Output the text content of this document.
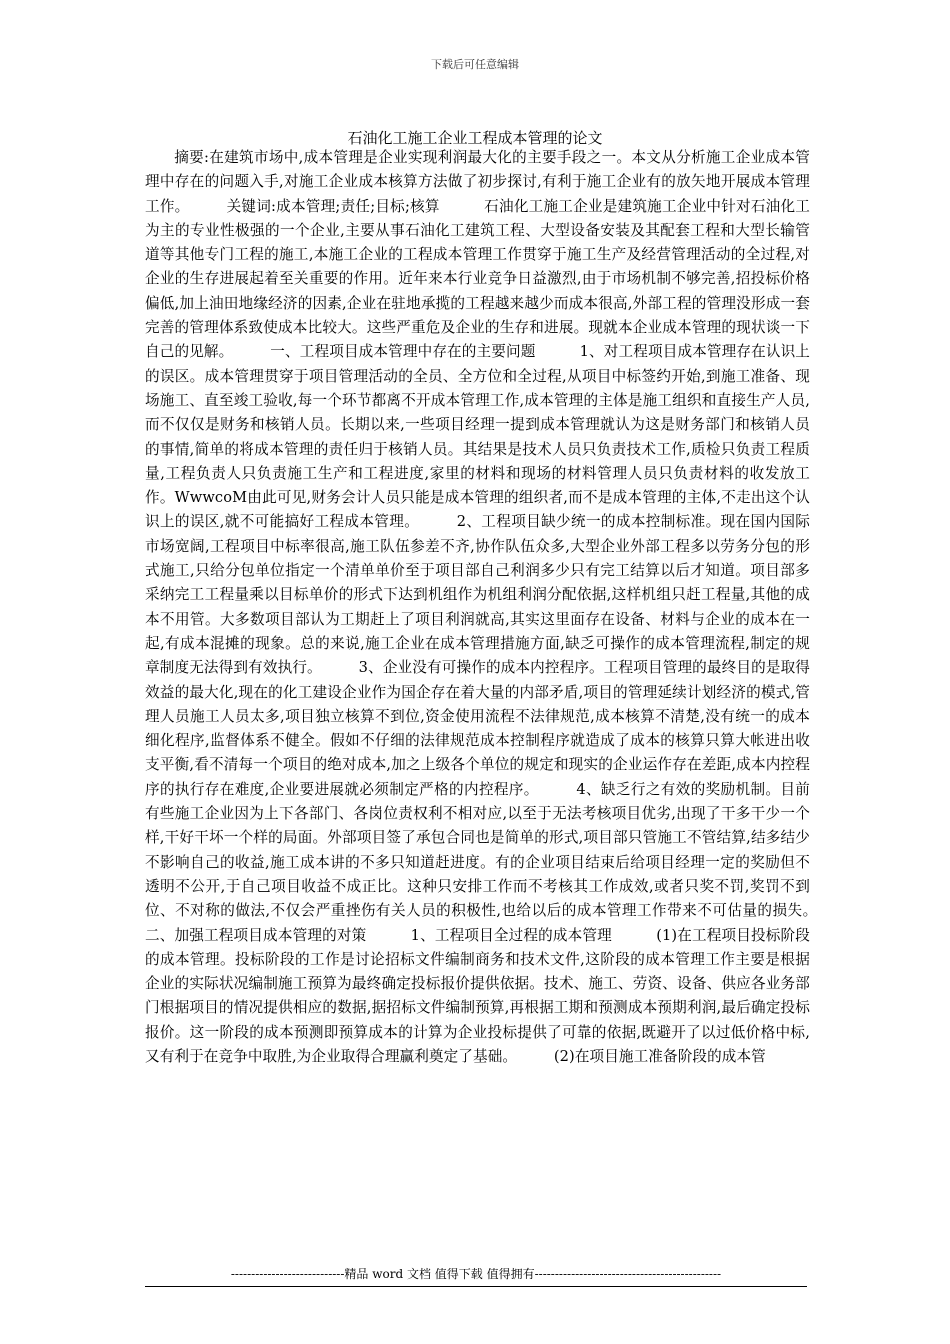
下载后可任意编辑
石油化工施工企业工程成本管理的论文

摘要:在建筑市场中,成本管理是企业实现利润最大化的主要手段之一。本文从分析施工企业成本管理中存在的问题入手,对施工企业成本核算方法做了初步探讨,有利于施工企业有的放矢地开展成本管理工作。　　　关键词:成本管理;责任;目标;核算　　　石油化工施工企业是建筑施工企业中针对石油化工为主的专业性极强的一个企业,主要从事石油化工建筑工程、大型设备安装及其配套工程和大型长输管道等其他专门工程的施工,本施工企业的工程成本管理工作贯穿于施工生产及经营管理活动的全过程,对企业的生存进展起着至关重要的作用。近年来本行业竞争日益激烈,由于市场机制不够完善,招投标价格偏低,加上油田地缘经济的因素,企业在驻地承揽的工程越来越少而成本很高,外部工程的管理没形成一套完善的管理体系致使成本比较大。这些严重危及企业的生存和进展。现就本企业成本管理的现状谈一下自己的见解。　　　一、工程项目成本管理中存在的主要问题　　　1、对工程项目成本管理存在认识上的误区。成本管理贯穿于项目管理活动的全员、全方位和全过程,从项目中标签约开始,到施工准备、现场施工、直至竣工验收,每一个环节都离不开成本管理工作,成本管理的主体是施工组织和直接生产人员,而不仅仅是财务和核销人员。长期以来,一些项目经理一提到成本管理就认为这是财务部门和核销人员的事情,简单的将成本管理的责任归于核销人员。其结果是技术人员只负责技术工作,质检只负责工程质量,工程负责人只负责施工生产和工程进度,家里的材料和现场的材料管理人员只负责材料的收发放工作。WwwcoM由此可见,财务会计人员只能是成本管理的组织者,而不是成本管理的主体,不走出这个认识上的误区,就不可能搞好工程成本管理。　　　2、工程项目缺少统一的成本控制标准。现在国内国际市场宽阔,工程项目中标率很高,施工队伍参差不齐,协作队伍众多,大型企业外部工程多以劳务分包的形式施工,只给分包单位指定一个清单单价至于项目部自己利润多少只有完工结算以后才知道。项目部多采纳完工工程量乘以目标单价的形式下达到机组作为机组利润分配依据,这样机组只赶工程量,其他的成本不用管。大多数项目部认为工期赶上了项目利润就高,其实这里面存在设备、材料与企业的成本在一起,有成本混摊的现象。总的来说,施工企业在成本管理措施方面,缺乏可操作的成本管理流程,制定的规章制度无法得到有效执行。　　　3、企业没有可操作的成本内控程序。工程项目管理的最终目的是取得效益的最大化,现在的化工建设企业作为国企存在着大量的内部矛盾,项目的管理延续计划经济的模式,管理人员施工人员太多,项目独立核算不到位,资金使用流程不法律规范,成本核算不清楚,没有统一的成本细化程序,监督体系不健全。假如不仔细的法律规范成本控制程序就造成了成本的核算只算大帐进出收支平衡,看不清每一个项目的绝对成本,加之上级各个单位的规定和现实的企业运作存在差距,成本内控程序的执行存在难度,企业要进展就必须制定严格的内控程序。　　　4、缺乏行之有效的奖励机制。目前有些施工企业因为上下各部门、各岗位责权利不相对应,以至于无法考核项目优劣,出现了干多干少一个样,干好干坏一个样的局面。外部项目签了承包合同也是简单的形式,项目部只管施工不管结算,结多结少不影响自己的收益,施工成本讲的不多只知道赶进度。有的企业项目结束后给项目经理一定的奖励但不透明不公开,于自己项目收益不成正比。这种只安排工作而不考核其工作成效,或者只奖不罚,奖罚不到位、不对称的做法,不仅会严重挫伤有关人员的积极性,也给以后的成本管理工作带来不可估量的损失。　　　二、加强工程项目成本管理的对策　　　1、工程项目全过程的成本管理　　　(1)在工程项目投标阶段的成本管理。投标阶段的工作是讨论招标文件编制商务和技术文件,这阶段的成本管理工作主要是根据企业的实际状况编制施工预算为最终确定投标报价提供依据。技术、施工、劳资、设备、供应各业务部门根据项目的情况提供相应的数据,据招标文件编制预算,再根据工期和预测成本预期利润,最后确定投标报价。这一阶段的成本预测即预算成本的计算为企业投标提供了可靠的依据,既避开了以过低价格中标,又有利于在竞争中取胜,为企业取得合理赢利奠定了基础。　　　(2)在项目施工准备阶段的成本管

----------------------------精品 word 文档 值得下载 值得拥有----------------------------------------------
